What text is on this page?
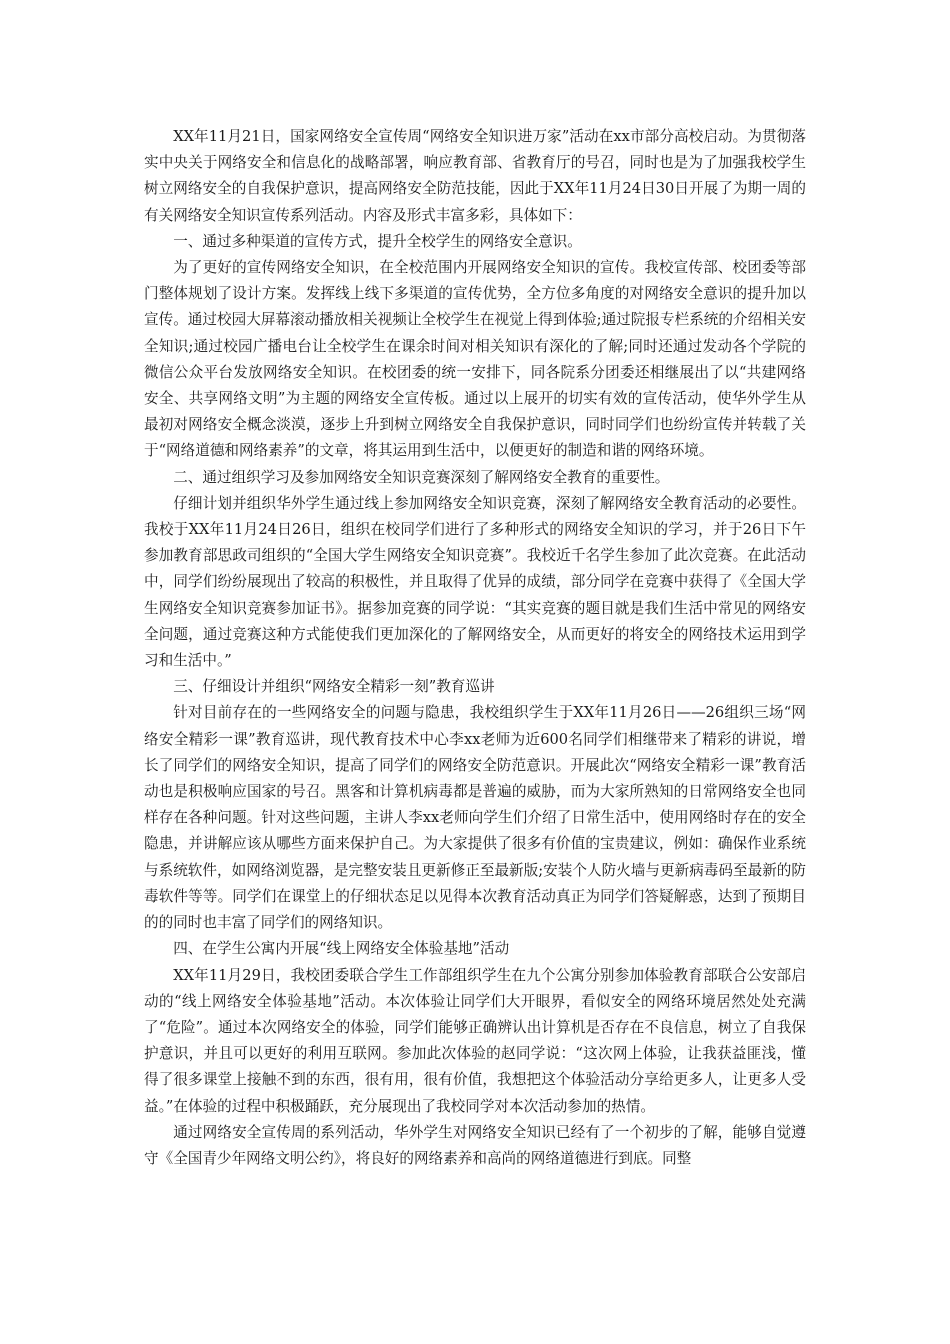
XX年11月21日，国家网络安全宣传周“网络安全知识进万家”活动在xx市部分高校启动。为贯彻落实中央关于网络安全和信息化的战略部署，响应教育部、省教育厅的号召，同时也是为了加强我校学生树立网络安全的自我保护意识，提高网络安全防范技能，因此于XX年11月24日30日开展了为期一周的有关网络安全知识宣传系列活动。内容及形式丰富多彩，具体如下：

一、通过多种渠道的宣传方式，提升全校学生的网络安全意识。

为了更好的宣传网络安全知识，在全校范围内开展网络安全知识的宣传。我校宣传部、校团委等部门整体规划了设计方案。发挥线上线下多渠道的宣传优势，全方位多角度的对网络安全意识的提升加以宣传。通过校园大屏幕滚动播放相关视频让全校学生在视觉上得到体验;通过院报专栏系统的介绍相关安全知识;通过校园广播电台让全校学生在课余时间对相关知识有深化的了解;同时还通过发动各个学院的微信公众平台发放网络安全知识。在校团委的统一安排下，同各院系分团委还相继展出了以“共建网络安全、共享网络文明”为主题的网络安全宣传板。通过以上展开的切实有效的宣传活动，使华外学生从最初对网络安全概念淡漠，逐步上升到树立网络安全自我保护意识，同时同学们也纷纷宣传并转载了关于“网络道德和网络素养”的文章，将其运用到生活中，以便更好的制造和谐的网络环境。

二、通过组织学习及参加网络安全知识竞赛深刻了解网络安全教育的重要性。

仔细计划并组织华外学生通过线上参加网络安全知识竞赛，深刻了解网络安全教育活动的必要性。我校于XX年11月24日26日，组织在校同学们进行了多种形式的网络安全知识的学习，并于26日下午参加教育部思政司组织的“全国大学生网络安全知识竞赛”。我校近千名学生参加了此次竞赛。在此活动中，同学们纷纷展现出了较高的积极性，并且取得了优异的成绩，部分同学在竞赛中获得了《全国大学生网络安全知识竞赛参加证书》。据参加竞赛的同学说：“其实竞赛的题目就是我们生活中常见的网络安全问题，通过竞赛这种方式能使我们更加深化的了解网络安全，从而更好的将安全的网络技术运用到学习和生活中。”

三、仔细设计并组织“网络安全精彩一刻”教育巡讲

针对目前存在的一些网络安全的问题与隐患，我校组织学生于XX年11月26日——26组织三场“网络安全精彩一课”教育巡讲，现代教育技术中心李xx老师为近600名同学们相继带来了精彩的讲说，增长了同学们的网络安全知识，提高了同学们的网络安全防范意识。开展此次“网络安全精彩一课”教育活动也是积极响应国家的号召。黑客和计算机病毒都是普遍的威胁，而为大家所熟知的日常网络安全也同样存在各种问题。针对这些问题，主讲人李xx老师向学生们介绍了日常生活中，使用网络时存在的安全隐患，并讲解应该从哪些方面来保护自己。为大家提供了很多有价值的宝贵建议，例如：确保作业系统与系统软件，如网络浏览器，是完整安装且更新修正至最新版;安装个人防火墙与更新病毒码至最新的防毒软件等等。同学们在课堂上的仔细状态足以见得本次教育活动真正为同学们答疑解惑，达到了预期目的的同时也丰富了同学们的网络知识。

四、在学生公寓内开展“线上网络安全体验基地”活动

XX年11月29日，我校团委联合学生工作部组织学生在九个公寓分别参加体验教育部联合公安部启动的“线上网络安全体验基地”活动。本次体验让同学们大开眼界，看似安全的网络环境居然处处充满了“危险”。通过本次网络安全的体验，同学们能够正确辨认出计算机是否存在不良信息，树立了自我保护意识，并且可以更好的利用互联网。参加此次体验的赵同学说：“这次网上体验，让我获益匪浅，懂得了很多课堂上接触不到的东西，很有用，很有价值，我想把这个体验活动分享给更多人，让更多人受益。”在体验的过程中积极踊跃，充分展现出了我校同学对本次活动参加的热情。

通过网络安全宣传周的系列活动，华外学生对网络安全知识已经有了一个初步的了解，能够自觉遵守《全国青少年网络文明公约》，将良好的网络素养和高尚的网络道德进行到底。同整
